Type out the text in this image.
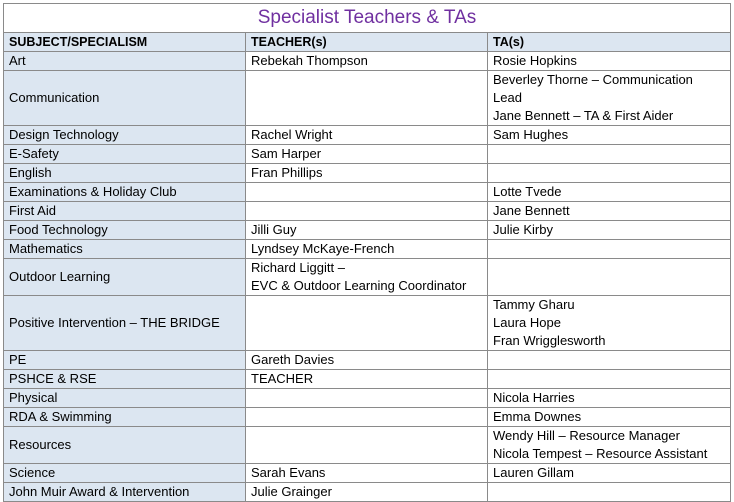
Specialist Teachers & TAs		
SUBJECT/SPECIALISM	TEACHER(s)	TA(s)
Art	Rebekah Thompson	Rosie Hopkins

Communication		Beverley Thorne – Communication
Lead
Jane Bennett – TA & First Aider

Design Technology	Rachel Wright	Sam Hughes

E-Safety	Sam Harper	

English	Fran Phillips	

Examinations & Holiday Club		Lotte Tvede

First Aid		Jane Bennett

Food Technology	Jilli Guy	Julie Kirby

Mathematics	Lyndsey McKaye-French	

Outdoor Learning	Richard Liggitt –
EVC & Outdoor Learning Coordinator	

Positive Intervention – THE BRIDGE		Tammy Gharu
Laura Hope
Fran Wrigglesworth

PE	Gareth Davies	

PSHCE & RSE	TEACHER	

Physical		Nicola Harries

RDA & Swimming		Emma Downes

Resources		Wendy Hill – Resource Manager
Nicola Tempest – Resource Assistant

Science	Sarah Evans	Lauren Gillam

John Muir Award & Intervention	Julie Grainger	
